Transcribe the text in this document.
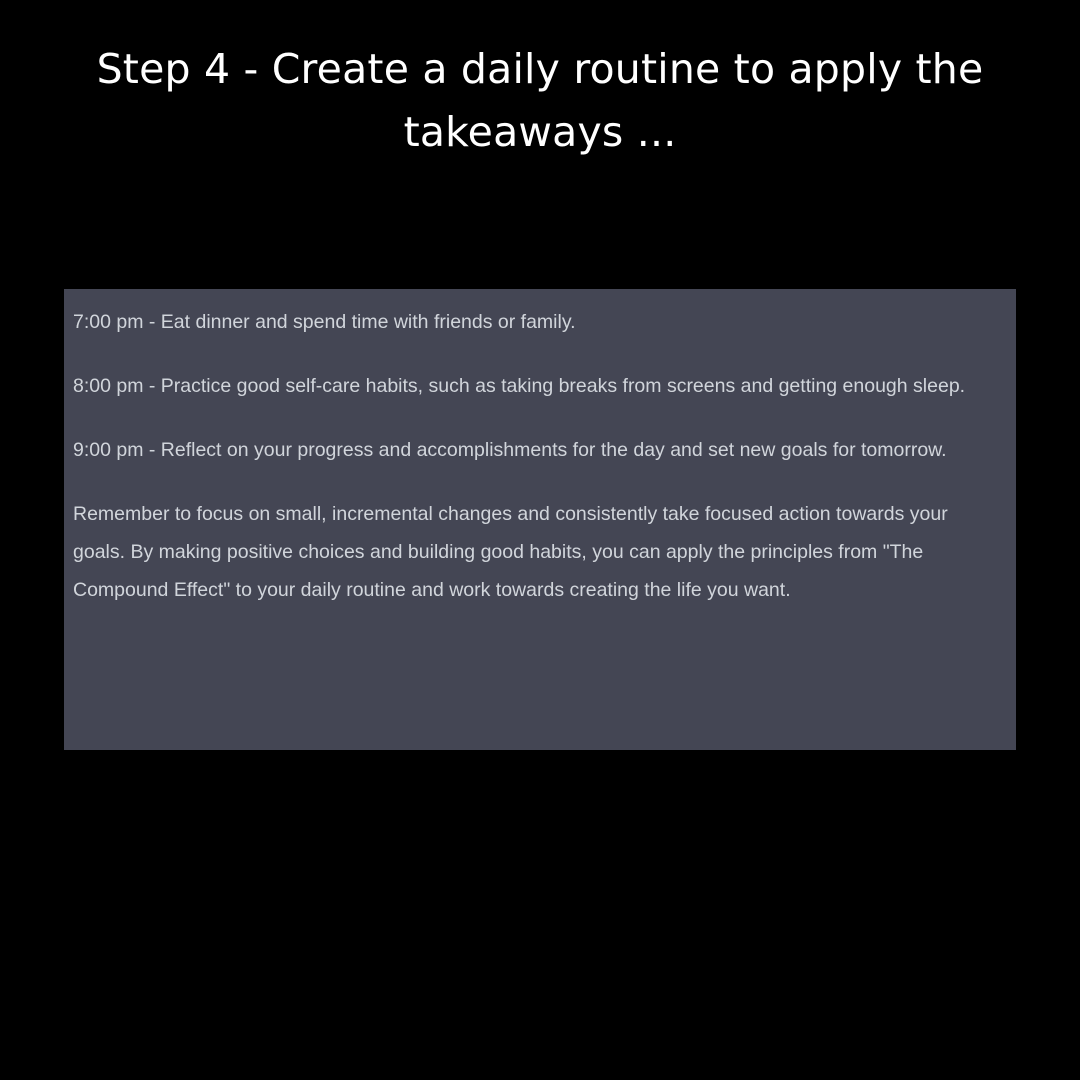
Step 4 - Create a daily routine to apply the
takeaways ...

7:00 pm - Eat dinner and spend time with friends or family.

8:00 pm - Practice good self-care habits, such as taking breaks from screens and getting enough sleep.

9:00 pm - Reflect on your progress and accomplishments for the day and set new goals for tomorrow.

Remember to focus on small, incremental changes and consistently take focused action towards your goals. By making positive choices and building good habits, you can apply the principles from "The Compound Effect" to your daily routine and work towards creating the life you want.
